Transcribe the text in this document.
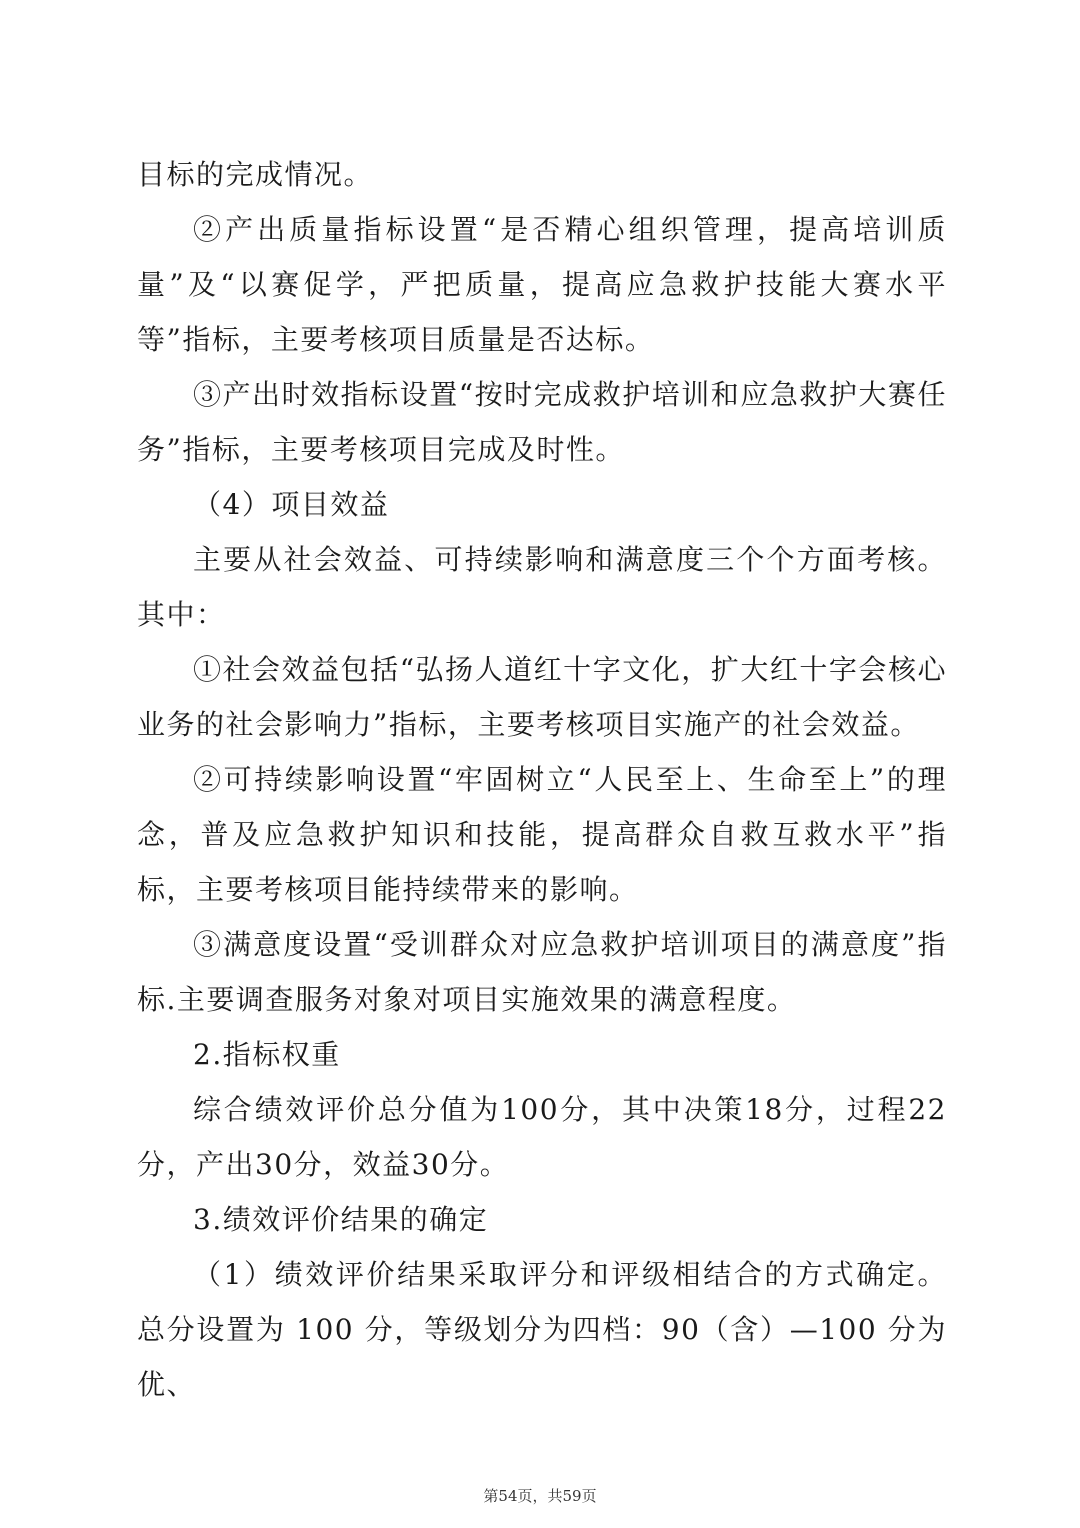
目标的完成情况。

②产出质量指标设置“是否精心组织管理，提高培训质量”及“以赛促学，严把质量，提高应急救护技能大赛水平等”指标，主要考核项目质量是否达标。

③产出时效指标设置“按时完成救护培训和应急救护大赛任务”指标，主要考核项目完成及时性。

（4）项目效益

主要从社会效益、可持续影响和满意度三个个方面考核。其中：

①社会效益包括“弘扬人道红十字文化，扩大红十字会核心业务的社会影响力”指标，主要考核项目实施产的社会效益。

②可持续影响设置“牢固树立“人民至上、生命至上”的理念，普及应急救护知识和技能，提高群众自救互救水平”指标，主要考核项目能持续带来的影响。

③满意度设置“受训群众对应急救护培训项目的满意度”指标.主要调查服务对象对项目实施效果的满意程度。

2.指标权重

综合绩效评价总分值为100分，其中决策18分，过程22分，产出30分，效益30分。

3.绩效评价结果的确定

（1）绩效评价结果采取评分和评级相结合的方式确定。总分设置为 100 分，等级划分为四档：90（含）—100 分为优、

第54页，共59页
